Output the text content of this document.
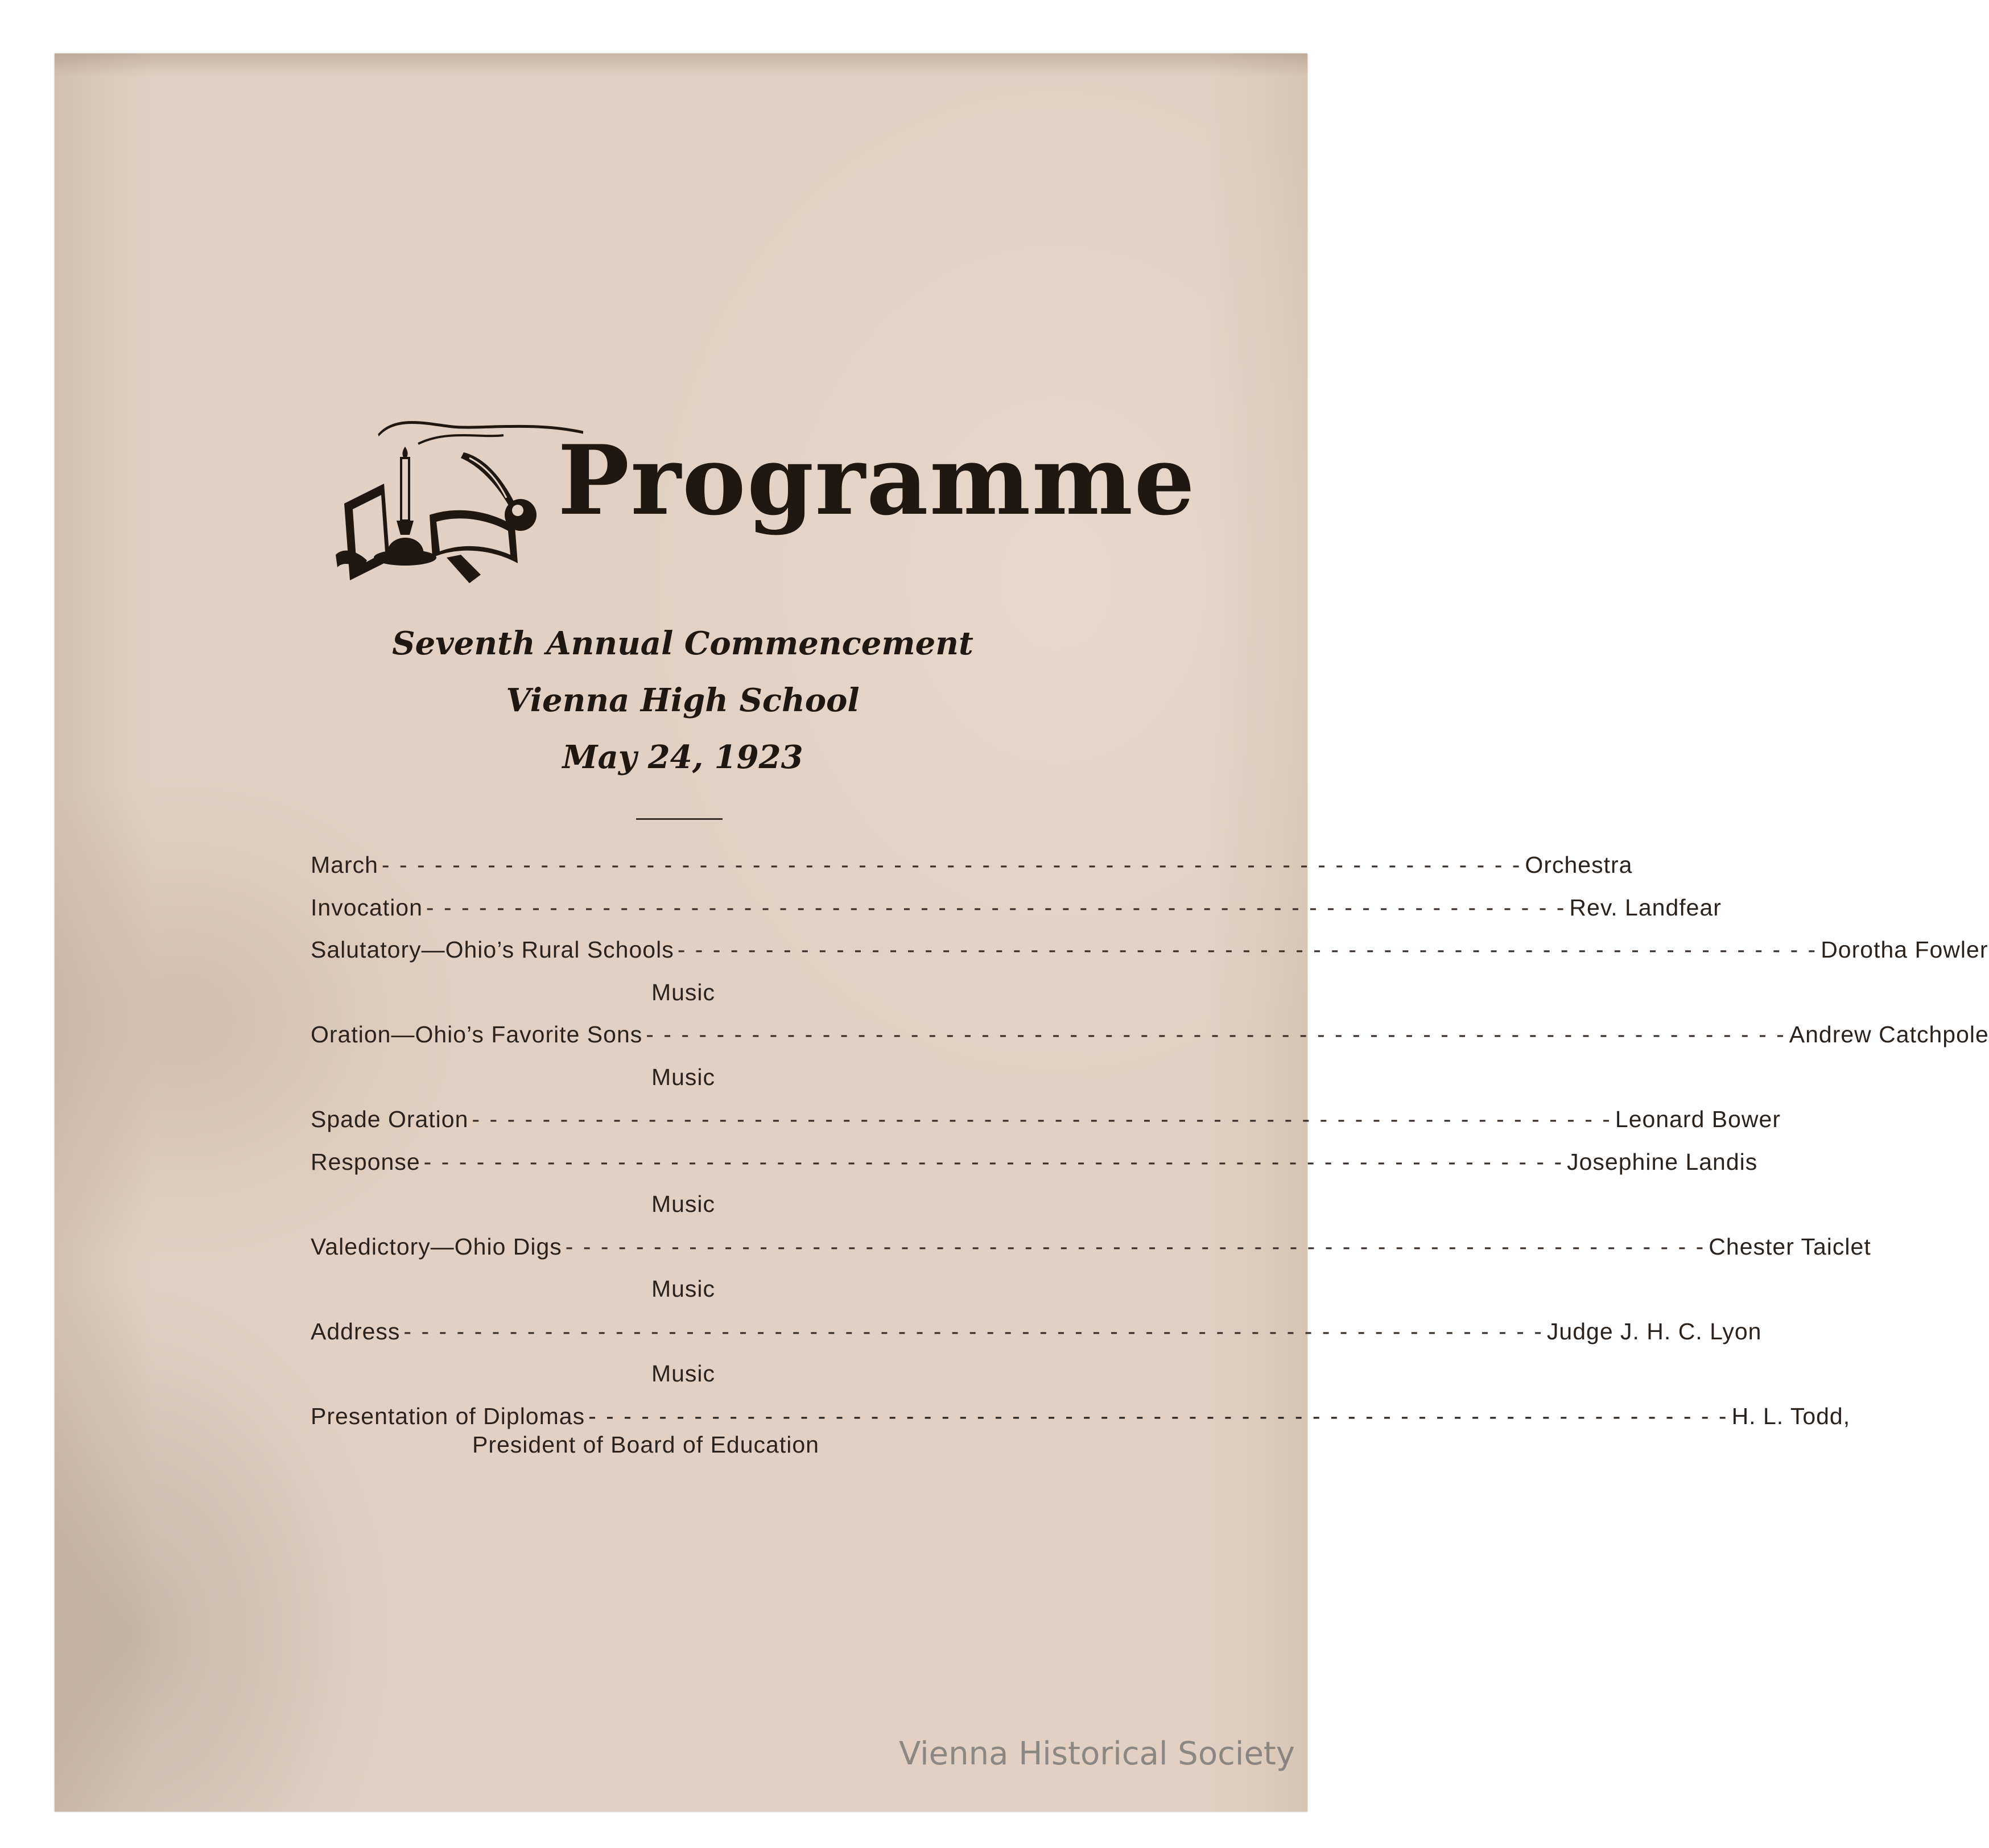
Programme
Seventh Annual Commencement
Vienna High School
May 24, 1923
March - - - - - - - - - - - - - - - - - - - - - - - - - - - - - - - - - - - - - - - - - - - - - - - - - - - - - - - - - - - - - - - - - Orchestra
Invocation - - - - - - - - - - - - - - - - - - - - - - - - - - - - - - - - - - - - - - - - - - - - - - - - - - - - - - - - - - - - - - - - - Rev. Landfear
Salutatory—Ohio’s Rural Schools - - - - - - - - - - - - - - - - - - - - - - - - - - - - - - - - - - - - - - - - - - - - - - - - - - - - - - - - - - - - - - - - - Dorotha Fowler
Music
Oration—Ohio’s Favorite Sons - - - - - - - - - - - - - - - - - - - - - - - - - - - - - - - - - - - - - - - - - - - - - - - - - - - - - - - - - - - - - - - - - Andrew Catchpole
Music
Spade Oration - - - - - - - - - - - - - - - - - - - - - - - - - - - - - - - - - - - - - - - - - - - - - - - - - - - - - - - - - - - - - - - - - Leonard Bower
Response - - - - - - - - - - - - - - - - - - - - - - - - - - - - - - - - - - - - - - - - - - - - - - - - - - - - - - - - - - - - - - - - - Josephine Landis
Music
Valedictory—Ohio Digs - - - - - - - - - - - - - - - - - - - - - - - - - - - - - - - - - - - - - - - - - - - - - - - - - - - - - - - - - - - - - - - - - Chester Taiclet
Music
Address - - - - - - - - - - - - - - - - - - - - - - - - - - - - - - - - - - - - - - - - - - - - - - - - - - - - - - - - - - - - - - - - - Judge J. H. C. Lyon
Music
Presentation of Diplomas - - - - - - - - - - - - - - - - - - - - - - - - - - - - - - - - - - - - - - - - - - - - - - - - - - - - - - - - - - - - - - - - - H. L. Todd,
President of Board of Education
Vienna Historical Society
